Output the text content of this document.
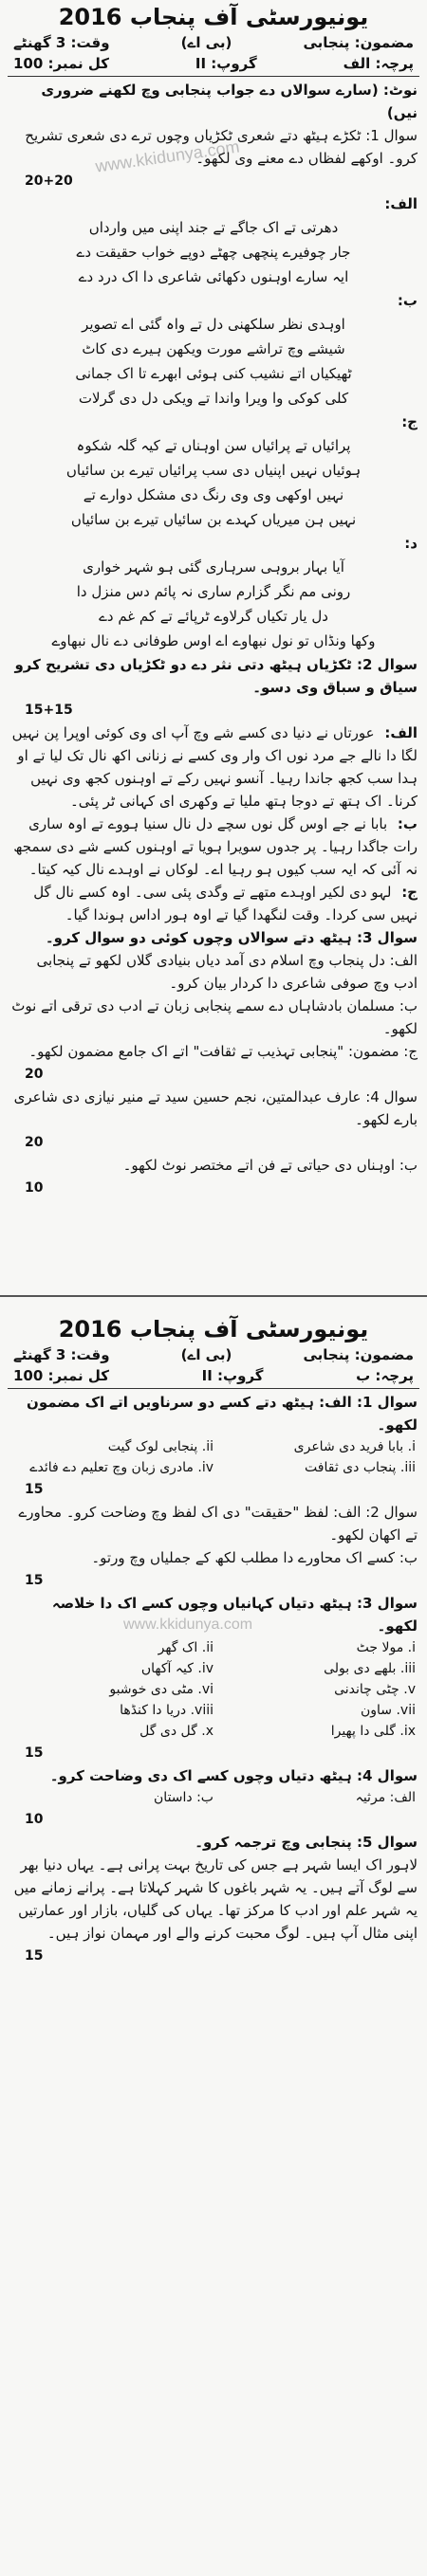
www.kkidunya.com
www.kkidunya.com
یونیورسٹی آف پنجاب 2016
مضمون: پنجابی
(بی اے)
وقت: 3 گھنٹے
پرچہ: الف
گروپ: II
کل نمبر: 100
نوٹ: (سارے سوالاں دے جواب پنجابی وچ لکھنے ضروری نیں)
سوال 1: ٹکڑے ہیٹھ دتے شعری ٹکڑیاں وچوں ترے دی شعری تشریح کرو۔ اوکھے لفظاں دے معنے وی لکھو۔
20+20
الف:
دھرتی تے اک جاگے تے جند اپنی میں وارداں
جار چوفیرے پنچھی چھٹے دوپے خواب حقیقت دے
ایہ سارے اوہنوں دکھائی شاعری دا اک درد دے
ب:
اوہدی نظر سلکھنی دل تے واہ گئی اے تصویر
شیشے وچ تراشے مورت ویکھن ہیرے دی کاٹ
ٹھیکیاں اتے نشیب کنی ہوئی ابھرے تا اک جمانی
کلی کوکی وا ویرا واندا تے ویکی دل دی گرلات
ج:
پرائیاں تے پرائیاں سن اوہناں تے کیہ گلہ شکوہ
ہوئیاں نہیں اپنیاں دی سب پرائیاں تیرے بن سائیاں
نہیں اوکھی وی وی رنگ دی مشکل دوارے تے
نہیں ہن میریاں کہدے بن سائیاں تیرے بن سائیاں
د:
آیا بہار بروہی سرہاری گئی ہو شہر خواری
رونی مم نگر گزارم ساری نہ پائم دس منزل دا
دل یار تکیاں گرلاوے ٹرپائے تے کم غم دے
وکھا ونڈاں تو نول نبھاوے اے اوس طوفانی دے نال نبھاوے
سوال 2: ٹکڑیاں ہیٹھ دتی نثر دے دو ٹکڑیاں دی تشریح کرو سیاق و سباق وی دسو۔
15+15
الف: عورتاں نے دنیا دی کسے شے وچ آپ ای وی کوئی اوپرا پن نہیں لگا دا نالے جے مرد نوں اک وار وی کسے نے زنانی اکھ نال تک لیا تے او ہدا سب کجھ جاندا رہیا۔ آنسو نہیں رکے تے اوہنوں کجھ وی نہیں کرنا۔ اک ہتھ تے دوجا ہتھ ملیا تے وکھری ای کہانی ٹر پئی۔
ب: بابا نے جے اوس گل نوں سچے دل نال سنیا ہووے تے اوہ ساری رات جاگدا رہیا۔ پر جدوں سویرا ہویا تے اوہنوں کسے شے دی سمجھ نہ آئی کہ ایہ سب کیوں ہو رہیا اے۔ لوکاں نے اوہدے نال کیہ کیتا۔
ج: لہو دی لکیر اوہدے متھے تے وگدی پئی سی۔ اوہ کسے نال گل نہیں سی کردا۔ وقت لنگھدا گیا تے اوہ ہور اداس ہوندا گیا۔
سوال 3: ہیٹھ دتے سوالاں وچوں کوئی دو سوال کرو۔
الف: دل پنجاب وچ اسلام دی آمد دیاں بنیادی گلاں لکھو تے پنجابی ادب وچ صوفی شاعری دا کردار بیان کرو۔
ب: مسلمان بادشاہاں دے سمے پنجابی زبان تے ادب دی ترقی اتے نوٹ لکھو۔
ج: مضمون: "پنجابی تہذیب تے ثقافت" اتے اک جامع مضمون لکھو۔
20
سوال 4: عارف عبدالمتین، نجم حسین سید تے منیر نیازی دی شاعری بارے لکھو۔
20
ب: اوہناں دی حیاتی تے فن اتے مختصر نوٹ لکھو۔
10
یونیورسٹی آف پنجاب 2016
مضمون: پنجابی
(بی اے)
وقت: 3 گھنٹے
پرچہ: ب
گروپ: II
کل نمبر: 100
سوال 1: الف: ہیٹھ دتے کسے دو سرناویں اتے اک مضمون لکھو۔
i. بابا فرید دی شاعری
ii. پنجابی لوک گیت
iii. پنجاب دی ثقافت
iv. مادری زبان وچ تعلیم دے فائدے
15
سوال 2: الف: لفظ "حقیقت" دی اک لفظ وچ وضاحت کرو۔ محاورے تے اکھان لکھو۔
ب: کسے اک محاورے دا مطلب لکھ کے جملیاں وچ ورتو۔
15
سوال 3: ہیٹھ دتیاں کہانیاں وچوں کسے اک دا خلاصہ لکھو۔
i. مولا جٹ
ii. اک گھر
iii. بلھے دی بولی
iv. کیہ آکھاں
v. چٹی چاندنی
vi. مٹی دی خوشبو
vii. ساون
viii. دریا دا کنڈھا
ix. گلی دا پھیرا
x. گل دی گل
15
سوال 4: ہیٹھ دتیاں وچوں کسے اک دی وضاحت کرو۔
الف: مرثیہ
ب: داستان
10
سوال 5: پنجابی وچ ترجمہ کرو۔
لاہور اک ایسا شہر ہے جس کی تاریخ بہت پرانی ہے۔ یہاں دنیا بھر سے لوگ آتے ہیں۔ یہ شہر باغوں کا شہر کہلاتا ہے۔ پرانے زمانے میں یہ شہر علم اور ادب کا مرکز تھا۔ یہاں کی گلیاں، بازار اور عمارتیں اپنی مثال آپ ہیں۔ لوگ محبت کرنے والے اور مہمان نواز ہیں۔
15
